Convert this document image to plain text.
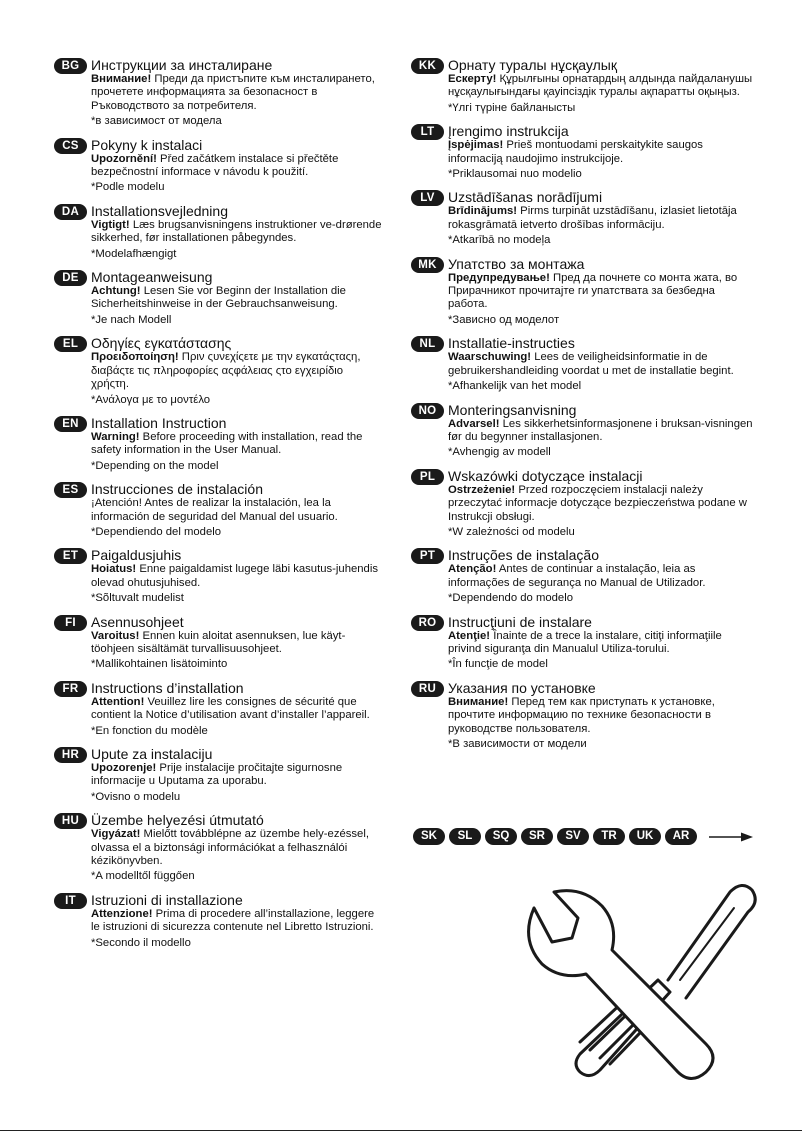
BG Инструкции за инсталиране
Внимание! Преди да пристъпите към инсталирането, прочетете информацията за безопасност в Ръководството за потребителя.
*в зависимост от модела
CS Pokyny k instalaci
Upozornění! Před začátkem instalace si přečtěte bezpečnostní informace v návodu k použití.
*Podle modelu
DA Installationsvejledning
Vigtigt! Læs brugsanvisningens instruktioner ve-drørende sikkerhed, før installationen påbegyndes.
*Modelafhængigt
DE Montageanweisung
Achtung! Lesen Sie vor Beginn der Installation die Sicherheitshinweise in der Gebrauchsanweisung.
*Je nach Modell
EL Οδηγίες εγκατάστασης
Προειδοποίηση! Πριν ςυνεχίςετε με την εγκατάςταςη, διαβάςτε τις πληροφορίες αςφάλειας ςτο εγχειρίδιο χρήςτη.
*Ανάλογα με το μοντέλο
EN Installation Instruction
Warning! Before proceeding with installation, read the safety information in the User Manual.
*Depending on the model
ES Instrucciones de instalación
¡Atención! Antes de realizar la instalación, lea la información de seguridad del Manual del usuario.
*Dependiendo del modelo
ET Paigaldusjuhis
Hoiatus! Enne paigaldamist lugege läbi kasutus-juhendis olevad ohutusjuhised.
*Sõltuvalt mudelist
FI	Asennusohjeet
Varoitus! Ennen kuin aloitat asennuksen, lue käyt-töohjeen sisältämät turvallisuusohjeet.
*Mallikohtainen lisätoiminto
FR Instructions d’installation
Attention! Veuillez lire les consignes de sécurité que contient la Notice d’utilisation avant d’installer l’appareil.
*En fonction du modèle
HR Upute za instalaciju
Upozorenje! Prije instalacije pročitajte sigurnosne informacije u Uputama za uporabu.
*Ovisno o modelu
HU Üzembe helyezési útmutató
Vigyázat! Mielőtt továbblépne az üzembe hely-ezéssel, olvassa el a biztonsági információkat a felhasználói kézikönyvben.
*A modelltől függően
IT	Istruzioni di installazione
Attenzione! Prima di procedere all’installazione, leggere le istruzioni di sicurezza contenute nel Libretto Istruzioni.
*Secondo il modello
KK Орнату туралы нұсқаулық
Ескерту! Құрылғыны орнатардың алдында пайдаланушы нұсқаулығындағы қауіпсіздік туралы ақпаратты оқыңыз.
*Үлгі түріне байланысты
LT Įrengimo instrukcija
Įspėjimas! Prieš montuodami perskaitykite saugos informaciją naudojimo instrukcijoje.
*Priklausomai nuo modelio
LV Uzstādīšanas norādījumi
Brīdinājums! Pirms turpināt uzstādīšanu, izlasiet lietotāja rokasgrāmatā ietverto drošības informāciju.
*Atkarībā no modeļa
MK Упатство за монтажа
Предупредување! Пред да почнете со монта жата, во Прирачникот прочитајте ги упатствата за безбедна работа.
*Зависно од моделот
NL Installatie-instructies
Waarschuwing! Lees de veiligheidsinformatie in de gebruikershandleiding voordat u met de installatie begint.
*Afhankelijk van het model
NO Monteringsanvisning
Advarsel! Les sikkerhetsinformasjonene i bruksan-visningen før du begynner installasjonen.
*Avhengig av modell
PL Wskazówki dotyczące instalacji
Ostrzeżenie! Przed rozpoczęciem instalacji należy przeczytać informacje dotyczące bezpieczeństwa podane w Instrukcji obsługi.
*W zależności od modelu
PT Instruções de instalação
Atenção! Antes de continuar a instalação, leia as informações de segurança no Manual de Utilizador.
*Dependendo do modelo
RO Instrucţiuni de instalare
Atenţie! Înainte de a trece la instalare, citiţi informaţiile privind siguranţa din Manualul Utiliza-torului.
*În funcţie de model
RU Указания по установке
Внимание! Перед тем как приступать к установке, прочтите информацию по технике безопасности в руководстве пользователя.
*В зависимости от модели
SK	SL	SQ	SR	SV	TR	UK	AR
